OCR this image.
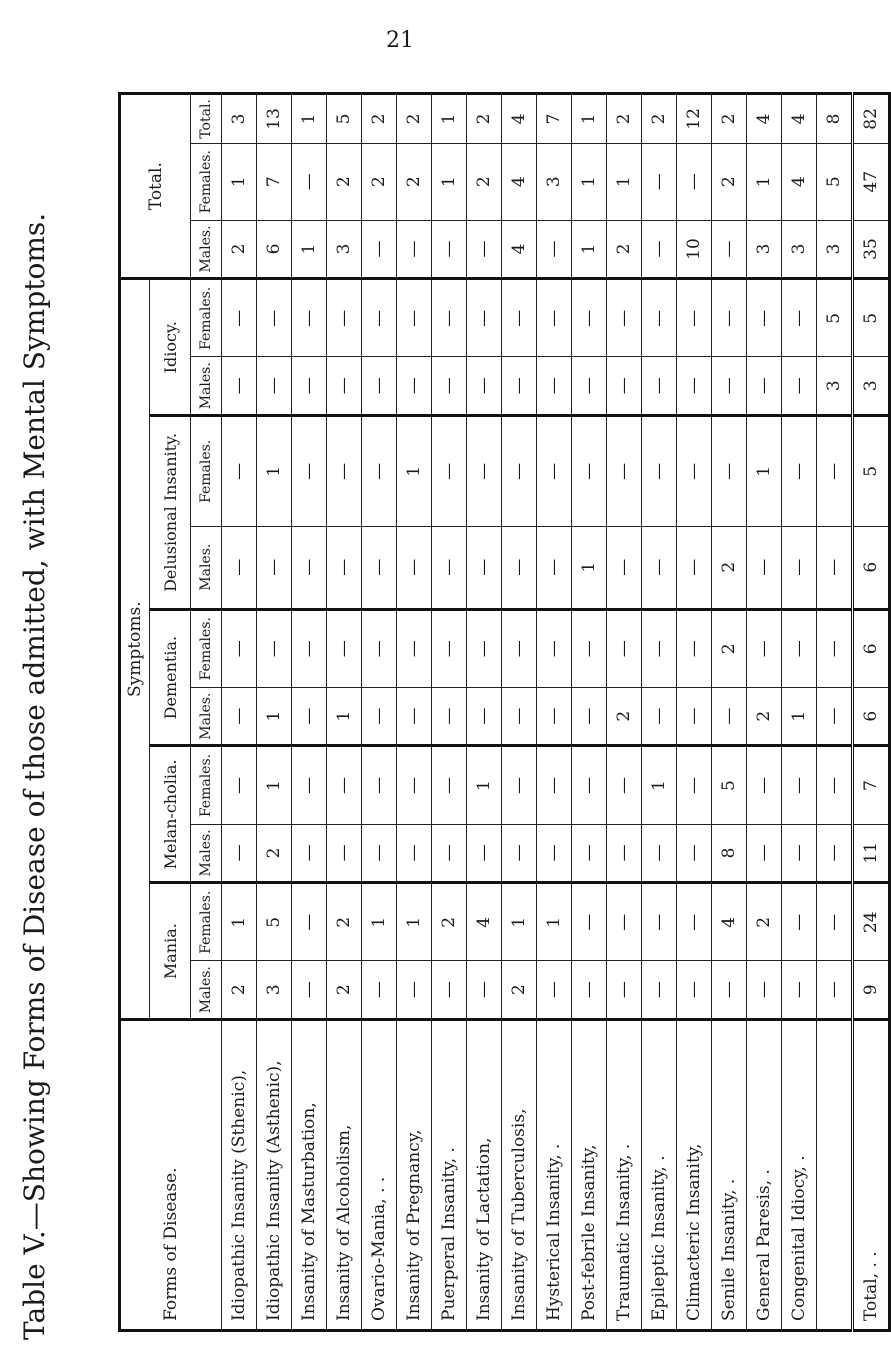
21
Table V.—Showing Forms of Disease of those admitted, with Mental Symptoms.	Forms of Disease.	Symptoms.										Total.		
	Mania.		Melan-cholia.		Dementia.		Delusional Insanity.		Idiocy.				
	Males.	Females.	Males.	Females.	Males.	Females.	Males.	Females.	Males.	Females.	Males.	Females.	Total.
Idiopathic Insanity (Sthenic),	2	1	—	—	—	—	—	—	—	—	2	1	3
Idiopathic Insanity (Asthenic),	3	5	2	1	1	—	—	1	—	—	6	7	13
Insanity of Masturbation,	—	—	—	—	—	—	—	—	—	—	1	—	1
Insanity of Alcoholism,	2	2	—	—	1	—	—	—	—	—	3	2	5
Ovario-Mania, . .	—	1	—	—	—	—	—	—	—	—	—	2	2
Insanity of Pregnancy,	—	1	—	—	—	—	—	1	—	—	—	2	2
Puerperal Insanity, .	—	2	—	—	—	—	—	—	—	—	—	1	1
Insanity of Lactation,	—	4	—	1	—	—	—	—	—	—	—	2	2
Insanity of Tuberculosis,	2	1	—	—	—	—	—	—	—	—	4	4	4
Hysterical Insanity, .	—	1	—	—	—	—	—	—	—	—	—	3	7
Post-febrile Insanity,	—	—	—	—	—	—	1	—	—	—	1	1	1
Traumatic Insanity, .	—	—	—	—	2	—	—	—	—	—	2	1	2
Epileptic Insanity, .	—	—	—	1	—	—	—	—	—	—	—	—	2
Climacteric Insanity,	—	—	—	—	—	—	—	—	—	—	10	—	12
Senile Insanity, .	—	4	8	5	—	2	2	—	—	—	—	2	2
General Paresis, .	—	2	—	—	2	—	—	1	—	—	3	1	4
Congenital Idiocy, .	—	—	—	—	1	—	—	—	—	—	3	4	4
	—	—	—	—	—	—	—	—	3	5	3	5	8
Total, . .	9	24	11	7	6	6	6	5	3	5	35	47	82
